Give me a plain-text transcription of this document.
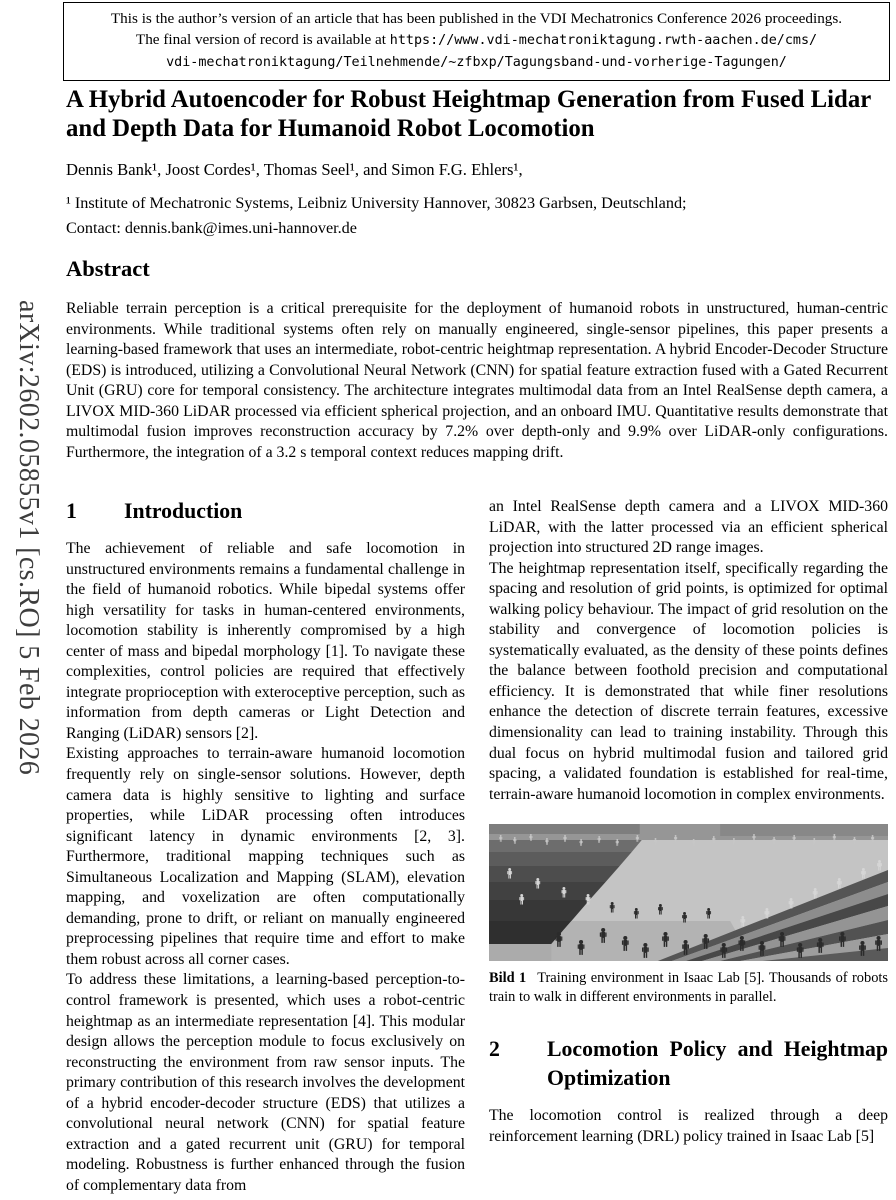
This is the author’s version of an article that has been published in the VDI Mechatronics Conference 2026 proceedings.
The final version of record is available at https://www.vdi-mechatroniktagung.rwth-aachen.de/cms/
vdi-mechatroniktagung/Teilnehmende/~zfbxp/Tagungsband-und-vorherige-Tagungen/
arXiv:2602.05855v1 [cs.RO] 5 Feb 2026
A Hybrid Autoencoder for Robust Heightmap Generation from Fused Lidar and Depth Data for Humanoid Robot Locomotion
Dennis Bank¹, Joost Cordes¹, Thomas Seel¹, and Simon F.G. Ehlers¹,
¹ Institute of Mechatronic Systems, Leibniz University Hannover, 30823 Garbsen, Deutschland;
Contact: dennis.bank@imes.uni-hannover.de
Abstract
Reliable terrain perception is a critical prerequisite for the deployment of humanoid robots in unstructured, human-centric environments. While traditional systems often rely on manually engineered, single-sensor pipelines, this paper presents a learning-based framework that uses an intermediate, robot-centric heightmap representation. A hybrid Encoder-Decoder Structure (EDS) is introduced, utilizing a Convolutional Neural Network (CNN) for spatial feature extraction fused with a Gated Recurrent Unit (GRU) core for temporal consistency. The architecture integrates multimodal data from an Intel RealSense depth camera, a LIVOX MID-360 LiDAR processed via efficient spherical projection, and an onboard IMU. Quantitative results demonstrate that multimodal fusion improves reconstruction accuracy by 7.2% over depth-only and 9.9% over LiDAR-only configurations. Furthermore, the integration of a 3.2 s temporal context reduces mapping drift.
1 Introduction

The achievement of reliable and safe locomotion in unstructured environments remains a fundamental challenge in the field of humanoid robotics. While bipedal systems offer high versatility for tasks in human-centered environments, locomotion stability is inherently compromised by a high center of mass and bipedal morphology [1]. To navigate these complexities, control policies are required that effectively integrate proprioception with exteroceptive perception, such as information from depth cameras or Light Detection and Ranging (LiDAR) sensors [2].

Existing approaches to terrain-aware humanoid locomotion frequently rely on single-sensor solutions. However, depth camera data is highly sensitive to lighting and surface properties, while LiDAR processing often introduces significant latency in dynamic environments [2, 3]. Furthermore, traditional mapping techniques such as Simultaneous Localization and Mapping (SLAM), elevation mapping, and voxelization are often computationally demanding, prone to drift, or reliant on manually engineered preprocessing pipelines that require time and effort to make them robust across all corner cases.

To address these limitations, a learning-based perception-to-control framework is presented, which uses a robot-centric heightmap as an intermediate representation [4]. This modular design allows the perception module to focus exclusively on reconstructing the environment from raw sensor inputs. The primary contribution of this research involves the development of a hybrid encoder-decoder structure (EDS) that utilizes a convolutional neural network (CNN) for spatial feature extraction and a gated recurrent unit (GRU) for temporal modeling. Robustness is further enhanced through the fusion of complementary data from

an Intel RealSense depth camera and a LIVOX MID-360 LiDAR, with the latter processed via an efficient spherical projection into structured 2D range images.

The heightmap representation itself, specifically regarding the spacing and resolution of grid points, is optimized for optimal walking policy behaviour. The impact of grid resolution on the stability and convergence of locomotion policies is systematically evaluated, as the density of these points defines the balance between foothold precision and computational efficiency. It is demonstrated that while finer resolutions enhance the detection of discrete terrain features, excessive dimensionality can lead to training instability. Through this dual focus on hybrid multimodal fusion and tailored grid spacing, a validated foundation is established for real-time, terrain-aware humanoid locomotion in complex environments.

Bild 1 Training environment in Isaac Lab [5]. Thousands of robots train to walk in different environments in parallel.
2 Locomotion Policy and Heightmap Optimization

The locomotion control is realized through a deep reinforcement learning (DRL) policy trained in Isaac Lab [5]
